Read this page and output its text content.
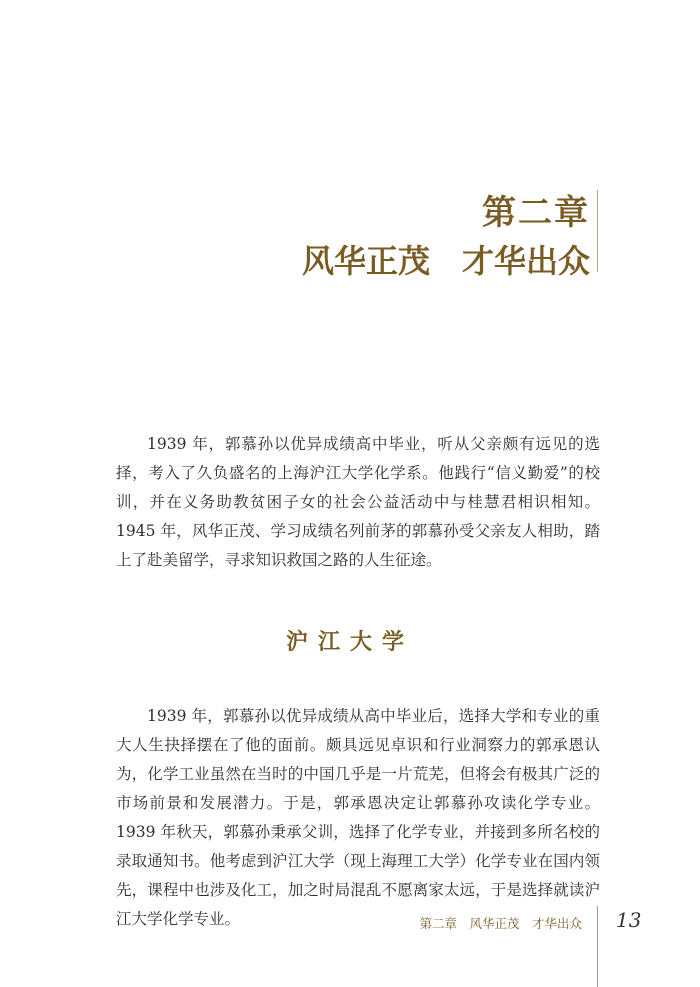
第二章
风华正茂　才华出众

1939 年，郭慕孙以优异成绩高中毕业，听从父亲颇有远见的选择，考入了久负盛名的上海沪江大学化学系。他践行“信义勤爱”的校训，并在义务助教贫困子女的社会公益活动中与桂慧君相识相知。1945 年，风华正茂、学习成绩名列前茅的郭慕孙受父亲友人相助，踏上了赴美留学，寻求知识救国之路的人生征途。

沪江大学

1939 年，郭慕孙以优异成绩从高中毕业后，选择大学和专业的重大人生抉择摆在了他的面前。颇具远见卓识和行业洞察力的郭承恩认为，化学工业虽然在当时的中国几乎是一片荒芜，但将会有极其广泛的市场前景和发展潜力。于是，郭承恩决定让郭慕孙攻读化学专业。1939 年秋天，郭慕孙秉承父训，选择了化学专业，并接到多所名校的录取通知书。他考虑到沪江大学（现上海理工大学）化学专业在国内领先，课程中也涉及化工，加之时局混乱不愿离家太远，于是选择就读沪江大学化学专业。	第二章　风华正茂　才华出众 13
